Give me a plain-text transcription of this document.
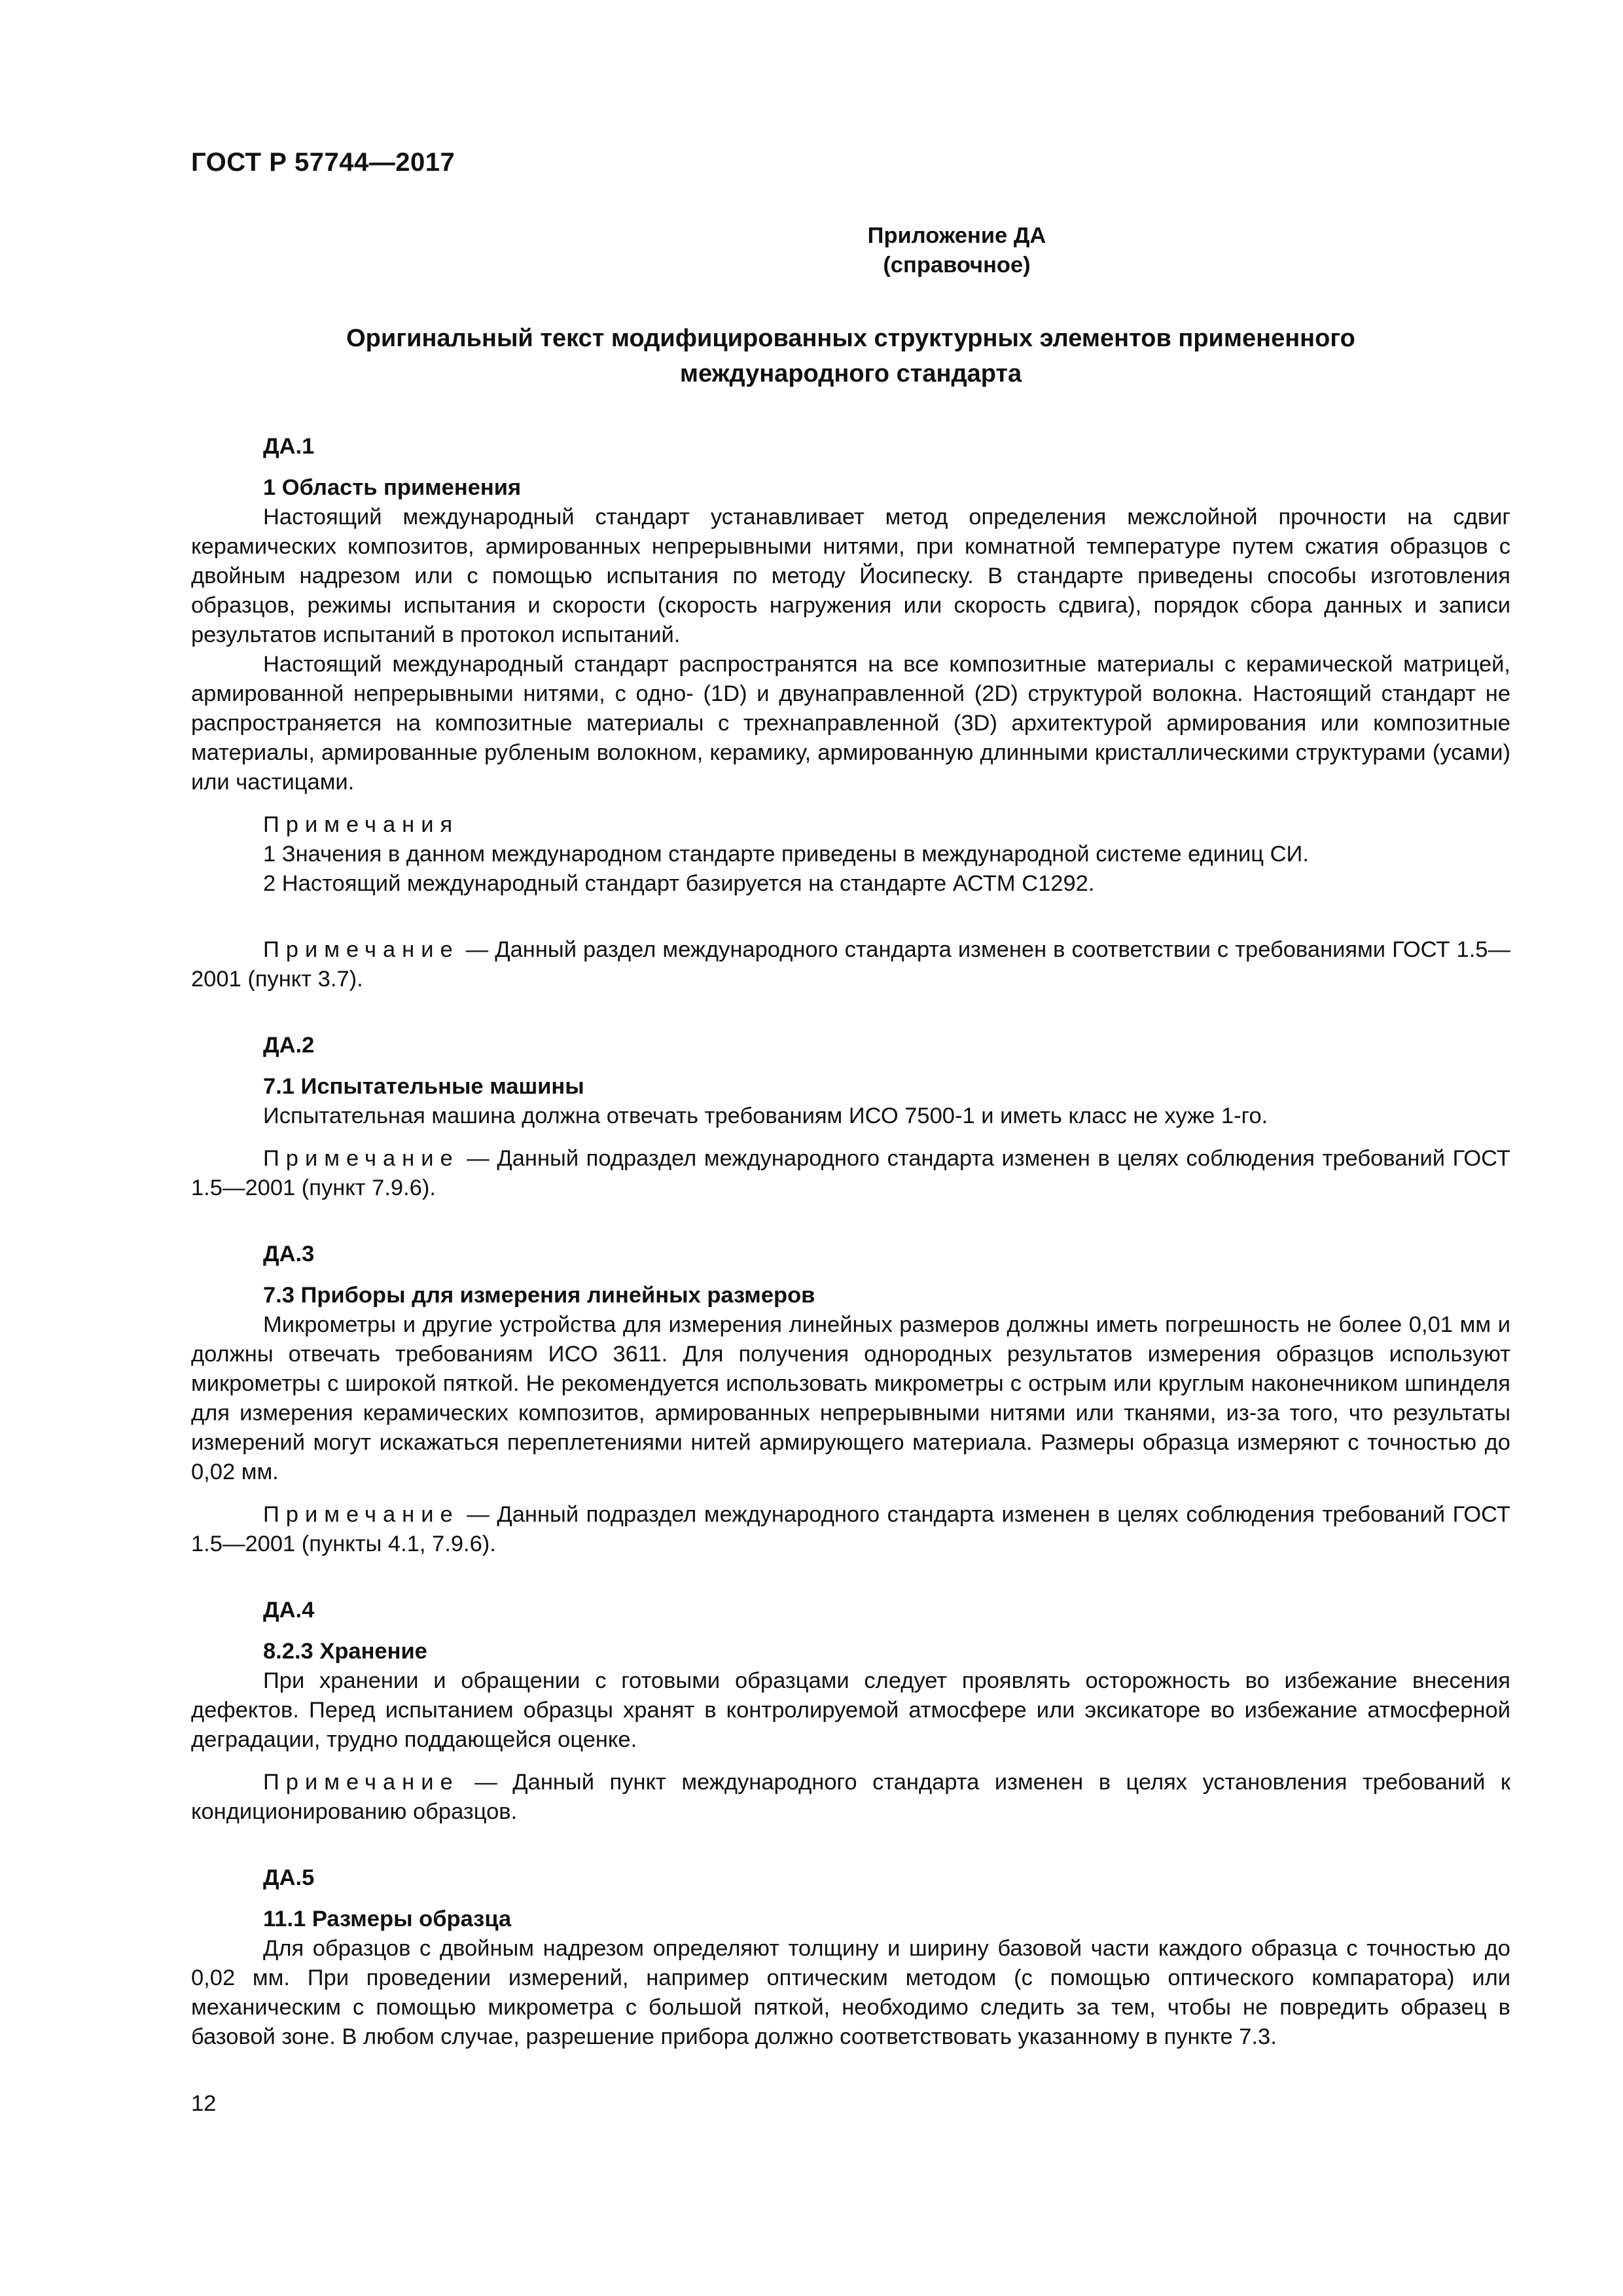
ГОСТ Р 57744—2017
Приложение ДА
(справочное)
Оригинальный текст модифицированных структурных элементов примененного международного стандарта
ДА.1
1 Область применения

Настоящий международный стандарт устанавливает метод определения межслойной прочности на сдвиг керамических композитов, армированных непрерывными нитями, при комнатной температуре путем сжатия образцов с двойным надрезом или с помощью испытания по методу Йосипеску. В стандарте приведены способы изготовления образцов, режимы испытания и скорости (скорость нагружения или скорость сдвига), порядок сбора данных и записи результатов испытаний в протокол испытаний.

Настоящий международный стандарт распространятся на все композитные материалы с керамической матрицей, армированной непрерывными нитями, с одно- (1D) и двунаправленной (2D) структурой волокна. Настоящий стандарт не распространяется на композитные материалы с трехнаправленной (3D) архитектурой армирования или композитные материалы, армированные рубленым волокном, керамику, армированную длинными кристаллическими структурами (усами) или частицами.

Примечания
1 Значения в данном международном стандарте приведены в международной системе единиц СИ.
2 Настоящий международный стандарт базируется на стандарте АСТМ С1292.
Примечание — Данный раздел международного стандарта изменен в соответствии с требованиями ГОСТ 1.5—2001 (пункт 3.7).
ДА.2
7.1 Испытательные машины

Испытательная машина должна отвечать требованиям ИСО 7500-1 и иметь класс не хуже 1-го.

Примечание — Данный подраздел международного стандарта изменен в целях соблюдения требований ГОСТ 1.5—2001 (пункт 7.9.6).
ДА.3
7.3 Приборы для измерения линейных размеров

Микрометры и другие устройства для измерения линейных размеров должны иметь погрешность не более 0,01 мм и должны отвечать требованиям ИСО 3611. Для получения однородных результатов измерения образцов используют микрометры с широкой пяткой. Не рекомендуется использовать микрометры с острым или круглым наконечником шпинделя для измерения керамических композитов, армированных непрерывными нитями или тканями, из-за того, что результаты измерений могут искажаться переплетениями нитей армирующего материала. Размеры образца измеряют с точностью до 0,02 мм.

Примечание — Данный подраздел международного стандарта изменен в целях соблюдения требований ГОСТ 1.5—2001 (пункты 4.1, 7.9.6).
ДА.4
8.2.3 Хранение

При хранении и обращении с готовыми образцами следует проявлять осторожность во избежание внесения дефектов. Перед испытанием образцы хранят в контролируемой атмосфере или эксикаторе во избежание атмосферной деградации, трудно поддающейся оценке.

Примечание — Данный пункт международного стандарта изменен в целях установления требований к кондиционированию образцов.
ДА.5
11.1 Размеры образца

Для образцов с двойным надрезом определяют толщину и ширину базовой части каждого образца с точностью до 0,02 мм. При проведении измерений, например оптическим методом (с помощью оптического компаратора) или механическим с помощью микрометра с большой пяткой, необходимо следить за тем, чтобы не повредить образец в базовой зоне. В любом случае, разрешение прибора должно соответствовать указанному в пункте 7.3.

12
